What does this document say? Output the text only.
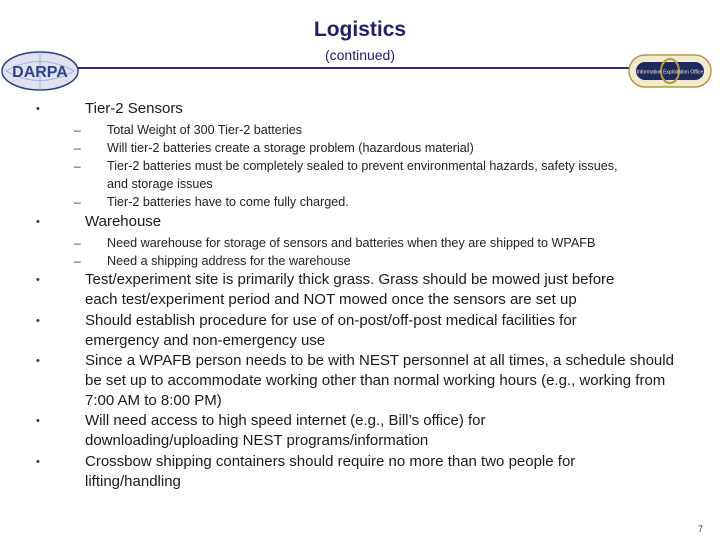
Logistics
(continued)
DARPA	Information Exploitation Office
•	Tier-2 Sensors
–	Total Weight of 300 Tier-2 batteries
–	Will tier-2 batteries create a storage problem (hazardous material)
–	Tier-2 batteries must be completely sealed to prevent environmental hazards, safety issues, and storage issues
–	Tier-2 batteries have to come fully charged.
•	Warehouse
–	Need warehouse for storage of sensors and batteries when they are shipped to WPAFB
–	Need a shipping address for the warehouse
•	Test/experiment site is primarily thick grass. Grass should be mowed just before each test/experiment period and NOT mowed once the sensors are set up
•	Should establish procedure for use of on-post/off-post medical facilities for emergency and non-emergency use
•	Since a WPAFB person needs to be with NEST personnel at all times, a schedule should be set up to accommodate working other than normal working hours (e.g., working from 7:00 AM to 8:00 PM)
•	Will need access to high speed internet (e.g., Bill’s office) for downloading/uploading NEST programs/information
•	Crossbow shipping containers should require no more than two people for lifting/handling
7
